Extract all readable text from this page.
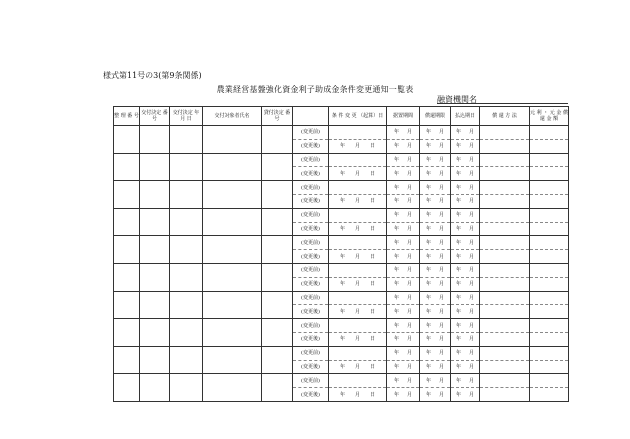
様式第11号の3(第9条関係)
農業経営基盤強化資金利子助成金条件変更通知一覧表
融資機関名
整 理 番 号	交付決定 番　 号	交付決定 年 月 日	交付対象者氏名	貸付決定 番　 号		条 件 変 更 （起算）日	据置期間	償還期限	払込期日	償 還 方 法	元 利 ・ 元 金 償 還 金 額
					(変更前)		年 月	年 月	年 月		
					(変更後)	年 月 日	年 月	年 月	年 月		
					(変更前)		年 月	年 月	年 月		
					(変更後)	年 月 日	年 月	年 月	年 月		
					(変更前)		年 月	年 月	年 月		
					(変更後)	年 月 日	年 月	年 月	年 月		
					(変更前)		年 月	年 月	年 月		
					(変更後)	年 月 日	年 月	年 月	年 月		
					(変更前)		年 月	年 月	年 月		
					(変更後)	年 月 日	年 月	年 月	年 月		
					(変更前)		年 月	年 月	年 月		
					(変更後)	年 月 日	年 月	年 月	年 月		
					(変更前)		年 月	年 月	年 月		
					(変更後)	年 月 日	年 月	年 月	年 月		
					(変更前)		年 月	年 月	年 月		
					(変更後)	年 月 日	年 月	年 月	年 月		
					(変更前)		年 月	年 月	年 月		
					(変更後)	年 月 日	年 月	年 月	年 月		
					(変更前)		年 月	年 月	年 月		
					(変更後)	年 月 日	年 月	年 月	年 月		
